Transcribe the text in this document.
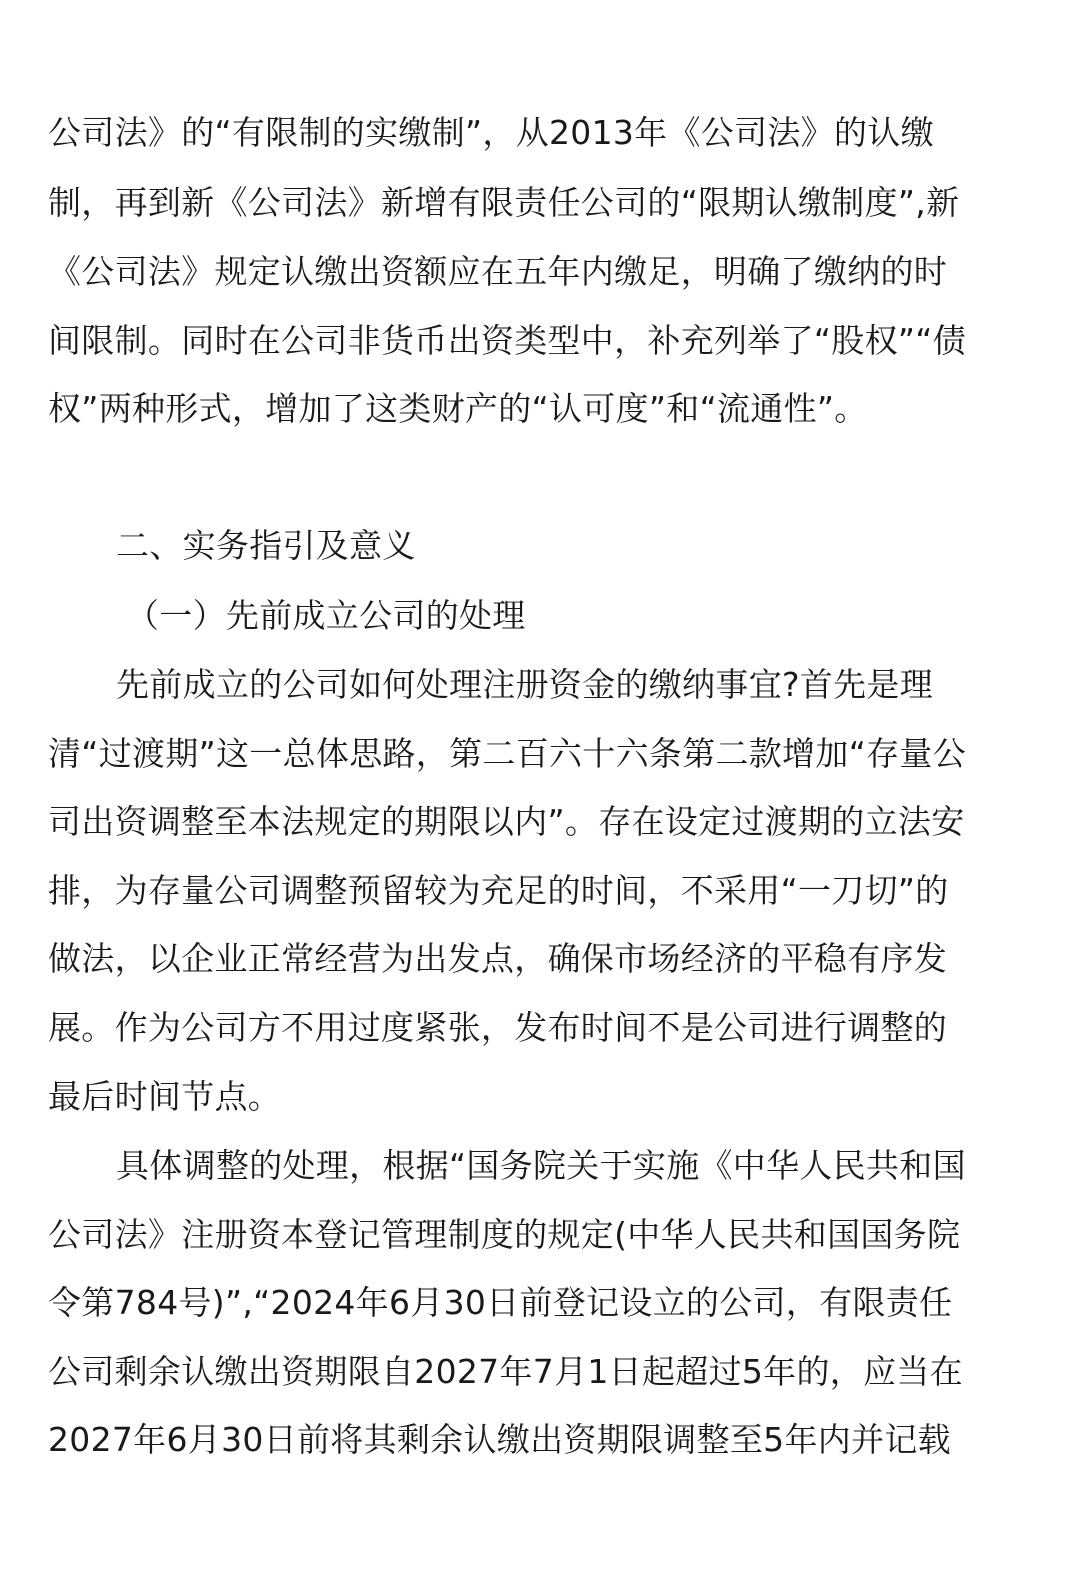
公司法》的“有限制的实缴制”，从2013年《公司法》的认缴
制，再到新《公司法》新增有限责任公司的“限期认缴制度”,新
《公司法》规定认缴出资额应在五年内缴足，明确了缴纳的时
间限制。同时在公司非货币出资类型中，补充列举了“股权”“债
权”两种形式，增加了这类财产的“认可度”和“流通性”。
二、实务指引及意义
（一）先前成立公司的处理
先前成立的公司如何处理注册资金的缴纳事宜?首先是理
清“过渡期”这一总体思路，第二百六十六条第二款增加“存量公
司出资调整至本法规定的期限以内”。存在设定过渡期的立法安
排，为存量公司调整预留较为充足的时间，不采用“一刀切”的
做法，以企业正常经营为出发点，确保市场经济的平稳有序发
展。作为公司方不用过度紧张，发布时间不是公司进行调整的
最后时间节点。
具体调整的处理，根据“国务院关于实施《中华人民共和国
公司法》注册资本登记管理制度的规定(中华人民共和国国务院
令第784号)”,“2024年6月30日前登记设立的公司，有限责任
公司剩余认缴出资期限自2027年7月1日起超过5年的，应当在
2027年6月30日前将其剩余认缴出资期限调整至5年内并记载
